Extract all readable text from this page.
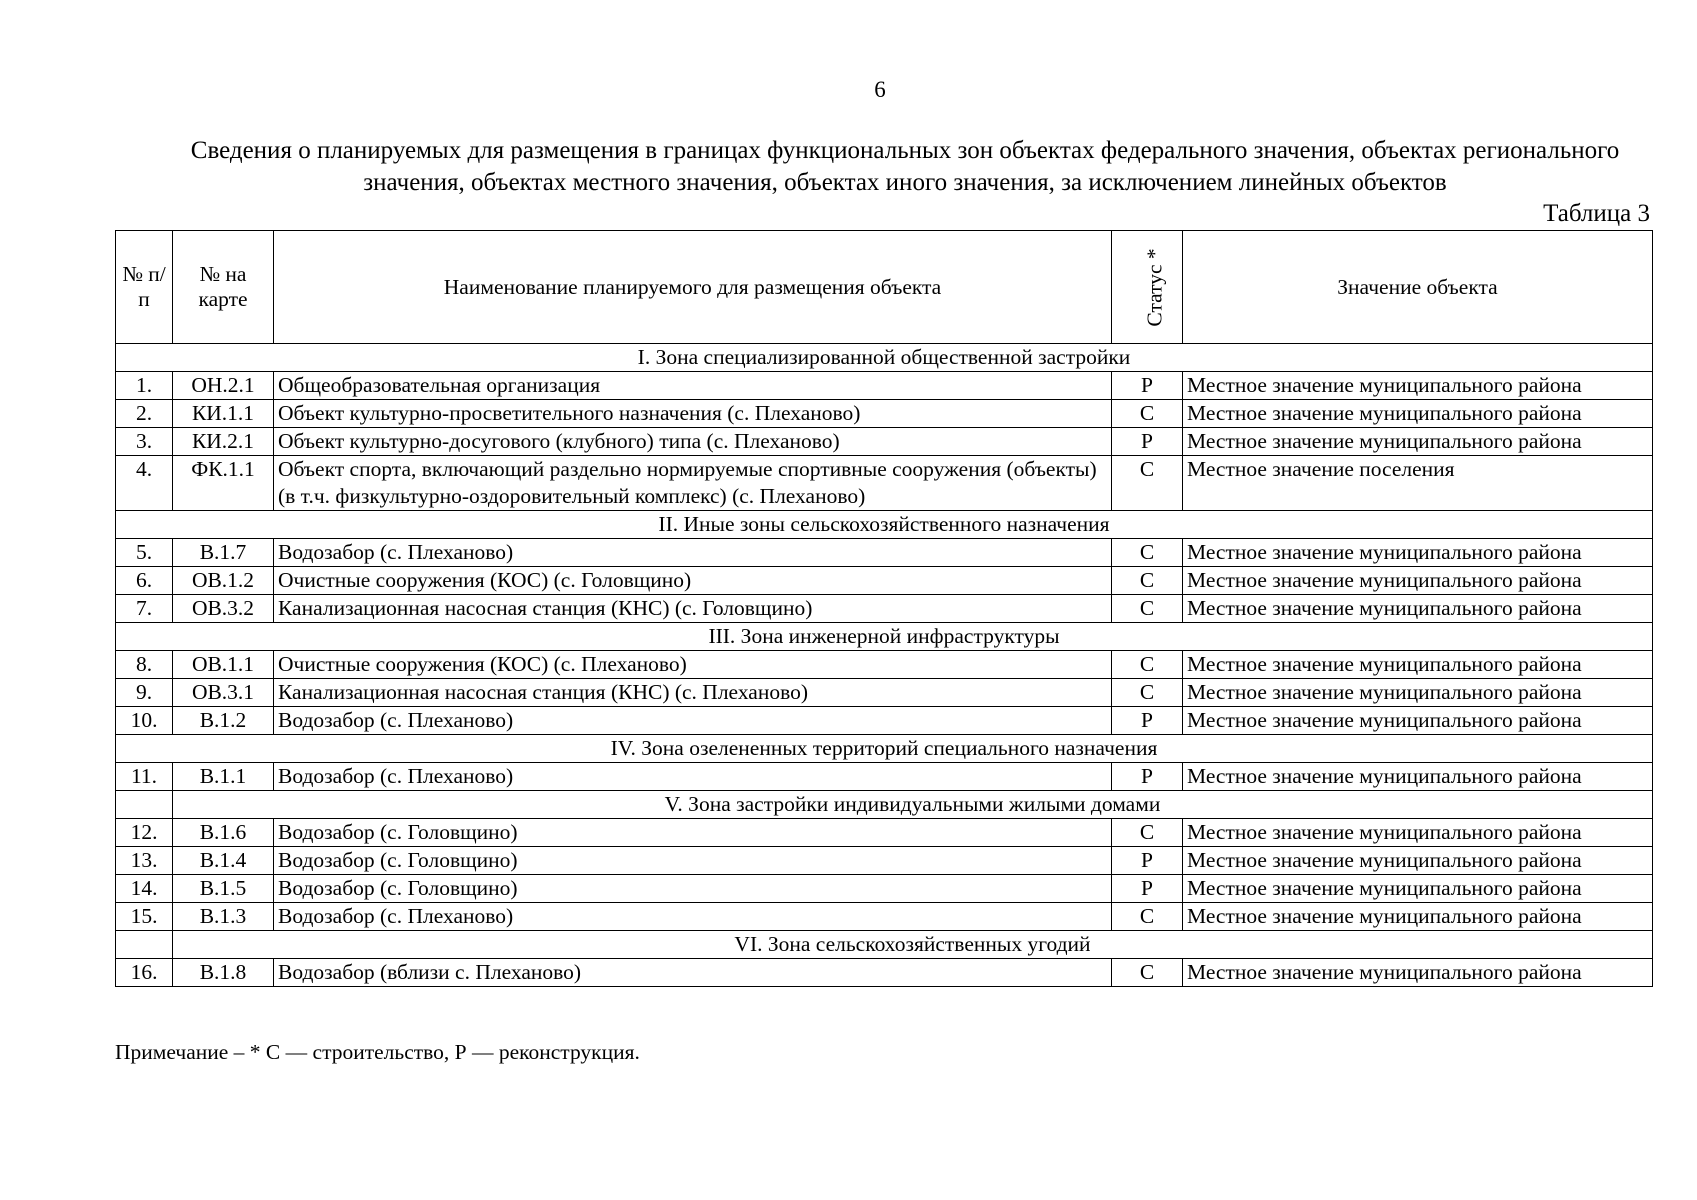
6
Сведения о планируемых для размещения в границах функциональных зон объектах федерального значения, объектах регионального значения, объектах местного значения, объектах иного значения, за исключением линейных объектов
Таблица 3
№ п/п	№ на карте	Наименование планируемого для размещения объекта	Статус *	Значение объекта
I. Зона специализированной общественной застройки				
1.	ОН.2.1	Общеобразовательная организация	Р	Местное значение муниципального района
2.	КИ.1.1	Объект культурно-просветительного назначения (с. Плеханово)	С	Местное значение муниципального района
3.	КИ.2.1	Объект культурно-досугового (клубного) типа (с. Плеханово)	Р	Местное значение муниципального района
4.	ФК.1.1	Объект спорта, включающий раздельно нормируемые спортивные сооружения (объекты) (в т.ч. физкультурно-оздоровительный комплекс) (с. Плеханово)	С	Местное значение поселения
II. Иные зоны сельскохозяйственного назначения				
5.	В.1.7	Водозабор (с. Плеханово)	С	Местное значение муниципального района
6.	ОВ.1.2	Очистные сооружения (КОС) (с. Головщино)	С	Местное значение муниципального района
7.	ОВ.3.2	Канализационная насосная станция (КНС) (с. Головщино)	С	Местное значение муниципального района
III. Зона инженерной инфраструктуры				
8.	ОВ.1.1	Очистные сооружения (КОС) (с. Плеханово)	С	Местное значение муниципального района
9.	ОВ.3.1	Канализационная насосная станция (КНС) (с. Плеханово)	С	Местное значение муниципального района
10.	В.1.2	Водозабор (с. Плеханово)	Р	Местное значение муниципального района
IV. Зона озелененных территорий специального назначения				
11.	В.1.1	Водозабор (с. Плеханово)	Р	Местное значение муниципального района
	V. Зона застройки индивидуальными жилыми домами			
12.	В.1.6	Водозабор (с. Головщино)	С	Местное значение муниципального района
13.	В.1.4	Водозабор (с. Головщино)	Р	Местное значение муниципального района
14.	В.1.5	Водозабор (с. Головщино)	Р	Местное значение муниципального района
15.	В.1.3	Водозабор (с. Плеханово)	С	Местное значение муниципального района
	VI. Зона сельскохозяйственных угодий			
16.	В.1.8	Водозабор (вблизи с. Плеханово)	С	Местное значение муниципального района
Примечание – * С — строительство, Р — реконструкция.
